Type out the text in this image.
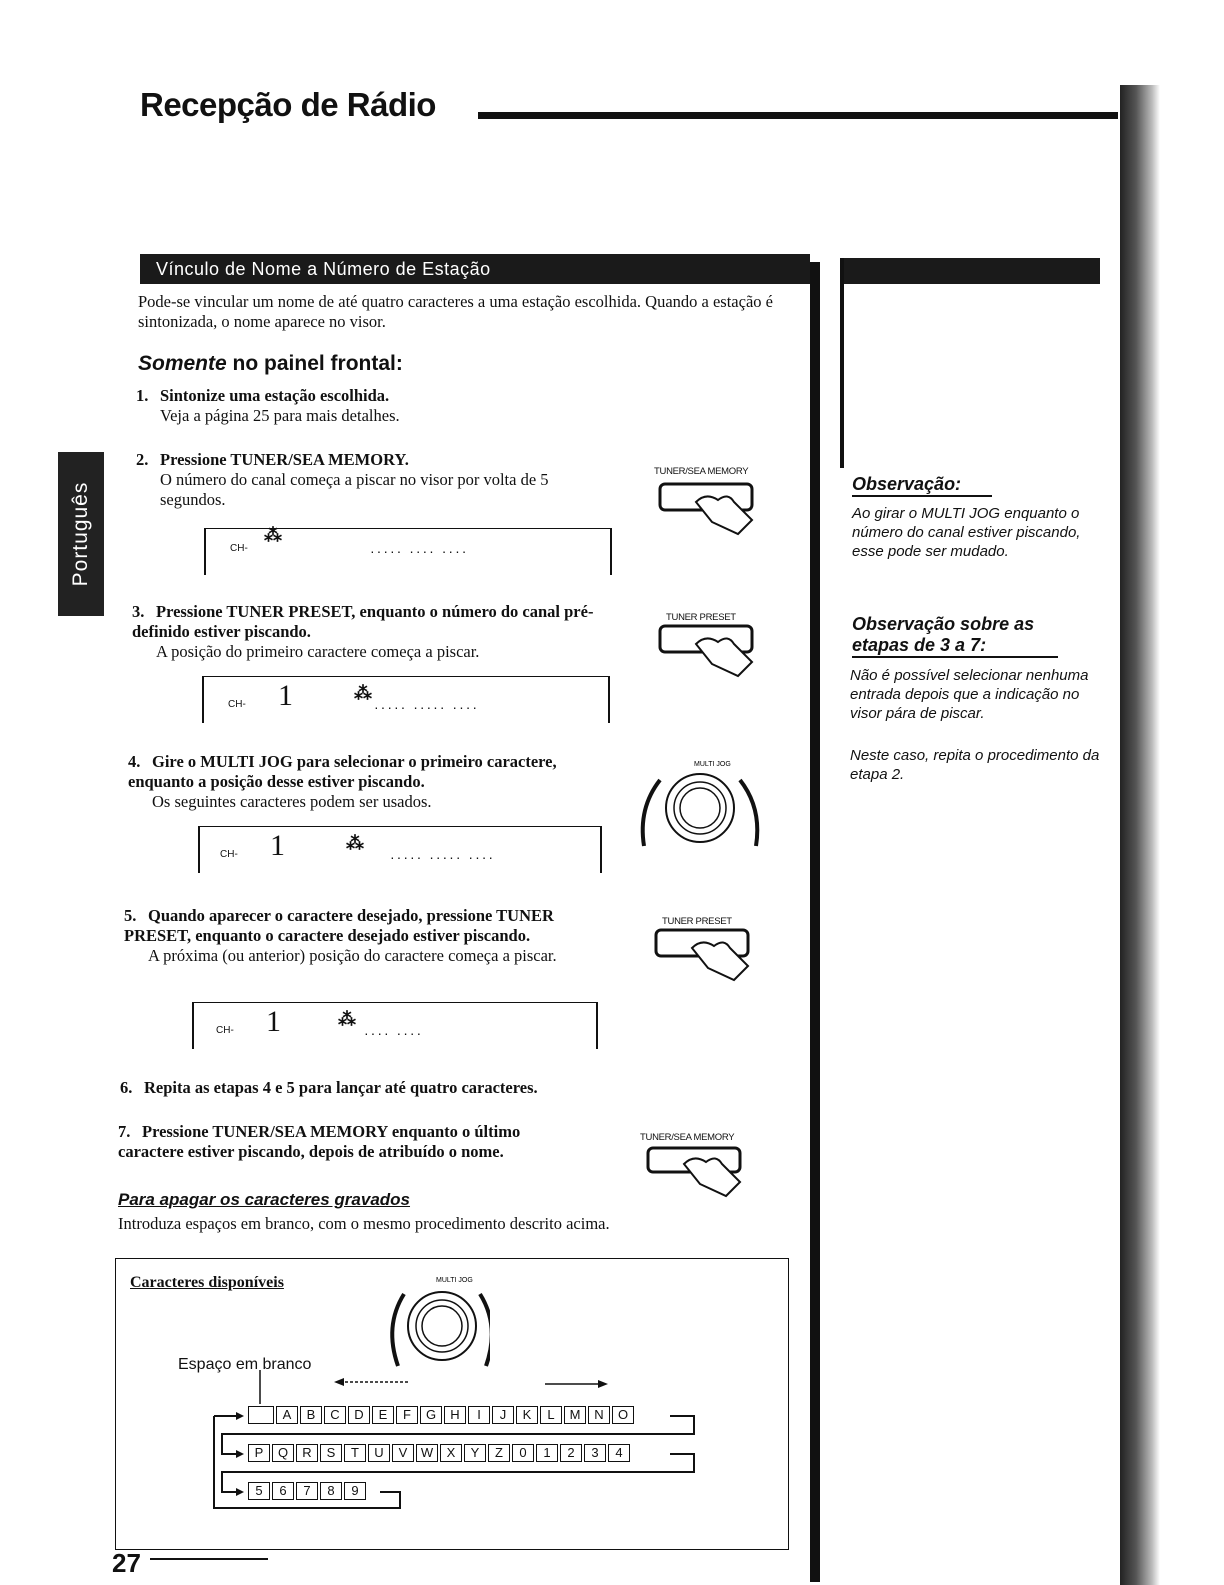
Recepção de Rádio
Português
Vínculo de Nome a Número de Estação
Pode-se vincular um nome de até quatro caracteres a uma estação escolhida. Quando a estação é sintonizada, o nome aparece no visor.
Somente no painel frontal:
1. Sintonize uma estação escolhida.
Veja a página 25 para mais detalhes.
2. Pressione TUNER/SEA MEMORY.
O número do canal começa a piscar no visor por volta de 5 segundos.
CH-
⁂
····· ···· ····
TUNER/SEA MEMORY
3. Pressione TUNER PRESET, enquanto o número do canal pré-definido estiver piscando.
A posição do primeiro caractere começa a piscar.
CH- 1	⁂
····· ····· ····
TUNER PRESET
4. Gire o MULTI JOG para selecionar o primeiro caractere, enquanto a posição desse estiver piscando.
Os seguintes caracteres podem ser usados.
CH- 1	⁂
····· ····· ····
MULTI JOG
5. Quando aparecer o caractere desejado, pressione TUNER PRESET, enquanto o caractere desejado estiver piscando.
A próxima (ou anterior) posição do caractere começa a piscar.
CH- 1	⁂
···· ····
TUNER PRESET
6. Repita as etapas 4 e 5 para lançar até quatro caracteres.
7. Pressione TUNER/SEA MEMORY enquanto o último caractere estiver piscando, depois de atribuído o nome.
TUNER/SEA MEMORY
Observação:
Ao girar o MULTI JOG enquanto o número do canal estiver piscando, esse pode ser mudado.
Observação sobre as etapas de 3 a 7:
Não é possível selecionar nenhuma entrada depois que a indicação no visor pára de piscar.
Neste caso, repita o procedimento da etapa 2.
Para apagar os caracteres gravados
Introduza espaços em branco, com o mesmo procedimento descrito acima.
Caracteres disponíveis
Espaço em branco
MULTI JOG
A	B	C	D	E	F	G	H	I	J	K	L	M	N	O
P	Q	R	S	T	U	V	W	X	Y	Z	0	1	2	3	4
5	6	7	8	9
27
